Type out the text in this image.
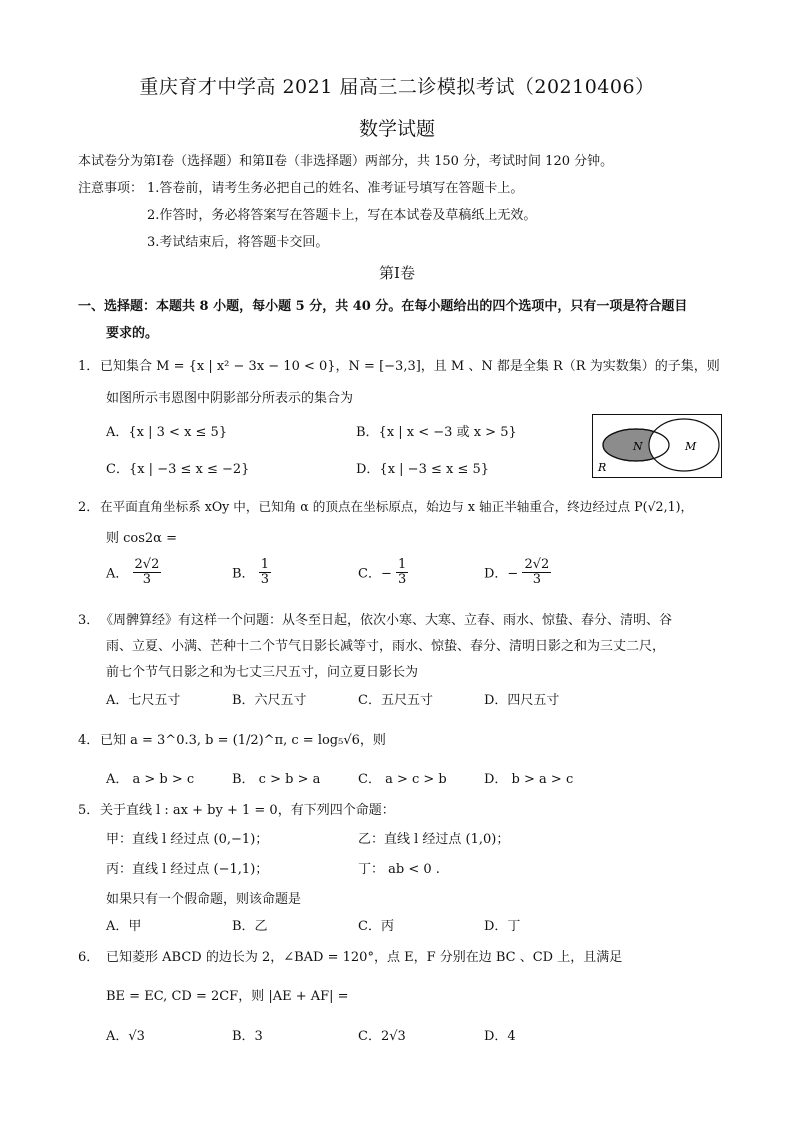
重庆育才中学高 2021 届高三二诊模拟考试（20210406）
数学试题
本试卷分为第Ⅰ卷（选择题）和第Ⅱ卷（非选择题）两部分，共 150 分，考试时间 120 分钟。
注意事项： 1.答卷前，请考生务必把自己的姓名、准考证号填写在答题卡上。
2.作答时，务必将答案写在答题卡上，写在本试卷及草稿纸上无效。
3.考试结束后，将答题卡交回。
第Ⅰ卷
一、选择题：本题共 8 小题，每小题 5 分，共 40 分。在每小题给出的四个选项中，只有一项是符合题目
要求的。
1． 已知集合 M = {x | x² − 3x − 10 < 0}，N = [−3,3]，且 M 、N 都是全集 R（R 为实数集）的子集，则
如图所示韦恩图中阴影部分所表示的集合为
A．{x | 3 < x ≤ 5}	B．{x | x < −3 或 x > 5}
C．{x | −3 ≤ x ≤ −2}	D．{x | −3 ≤ x ≤ 5}
N	M
R
2． 在平面直角坐标系 xOy 中，已知角 α 的顶点在坐标原点，始边与 x 轴正半轴重合，终边经过点 P(√2,1)，
则 cos2α =
A． $\frac{2√2}{3}$	B． $\frac{1}{3}$	C．− $\frac{1}{3}$	D．− $\frac{2√2}{3}$
3． 《周髀算经》有这样一个问题：从冬至日起，依次小寒、大寒、立春、雨水、惊蛰、春分、清明、谷
雨、立夏、小满、芒种十二个节气日影长减等寸，雨水、惊蛰、春分、清明日影之和为三丈二尺，
前七个节气日影之和为七丈三尺五寸，问立夏日影长为
A．七尺五寸	B．六尺五寸	C．五尺五寸	D．四尺五寸
4． 已知 a = 3^0.3, b = (1/2)^π, c = log₅√6，则
A． a > b > c	B． c > b > a	C． a > c > b	D． b > a > c
5． 关于直线 l : ax + by + 1 = 0，有下列四个命题：
甲：直线 l 经过点 (0,−1)；	乙：直线 l 经过点 (1,0)；
丙：直线 l 经过点 (−1,1)；	丁： ab < 0 .
如果只有一个假命题，则该命题是
A．甲	B．乙	C．丙	D．丁
6． 已知菱形 ABCD 的边长为 2，∠BAD = 120°，点 E，F 分别在边 BC 、CD 上，且满足
BE = EC, CD = 2CF，则 |AE + AF| =
A．√3	B．3	C．2√3	D．4
